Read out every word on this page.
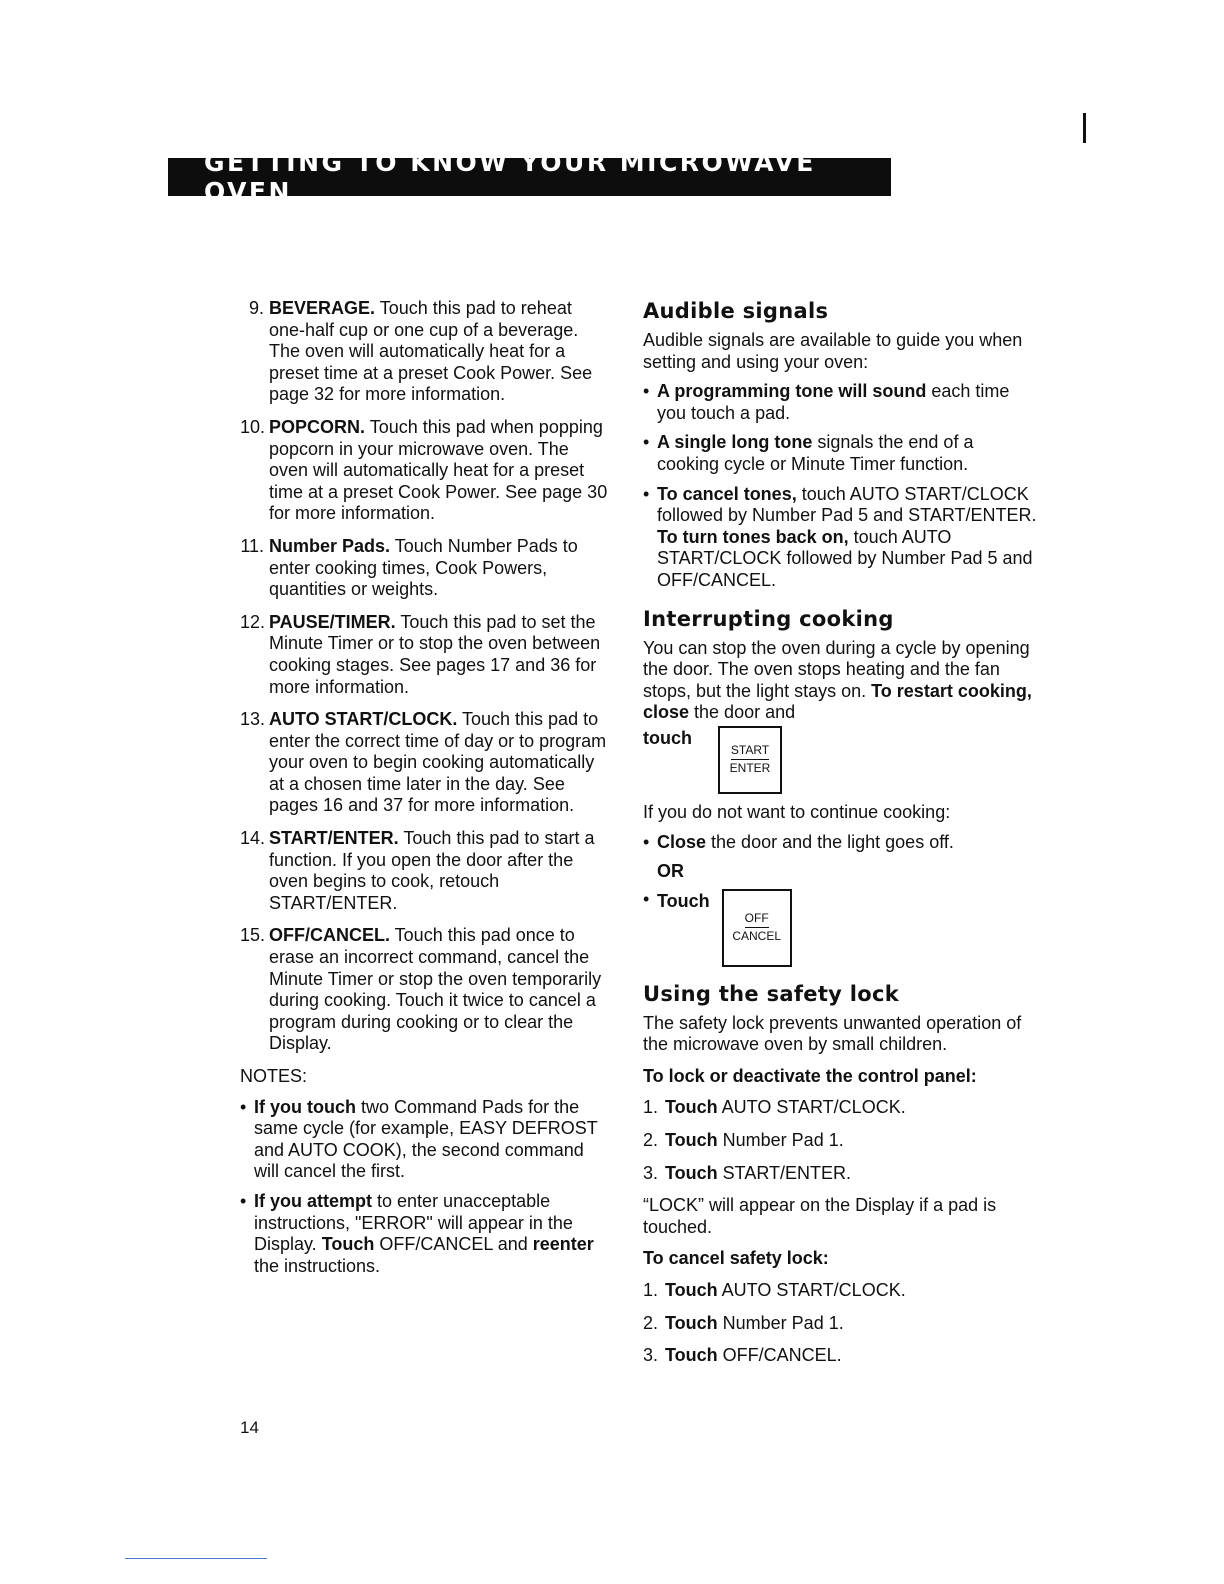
GETTING TO KNOW YOUR MICROWAVE OVEN
9. BEVERAGE. Touch this pad to reheat one-half cup or one cup of a beverage. The oven will automatically heat for a preset time at a preset Cook Power. See page 32 for more information.
10. POPCORN. Touch this pad when popping popcorn in your microwave oven. The oven will automatically heat for a preset time at a preset Cook Power. See page 30 for more information.
11. Number Pads. Touch Number Pads to enter cooking times, Cook Powers, quantities or weights.
12. PAUSE/TIMER. Touch this pad to set the Minute Timer or to stop the oven between cooking stages. See pages 17 and 36 for more information.
13. AUTO START/CLOCK. Touch this pad to enter the correct time of day or to program your oven to begin cooking automatically at a chosen time later in the day. See pages 16 and 37 for more information.
14. START/ENTER. Touch this pad to start a function. If you open the door after the oven begins to cook, retouch START/ENTER.
15. OFF/CANCEL. Touch this pad once to erase an incorrect command, cancel the Minute Timer or stop the oven temporarily during cooking. Touch it twice to cancel a program during cooking or to clear the Display.
NOTES:
• If you touch two Command Pads for the same cycle (for example, EASY DEFROST and AUTO COOK), the second command will cancel the first.
• If you attempt to enter unacceptable instructions, "ERROR" will appear in the Display. Touch OFF/CANCEL and reenter the instructions.
Audible signals

Audible signals are available to guide you when setting and using your oven:

• A programming tone will sound each time you touch a pad.
• A single long tone signals the end of a cooking cycle or Minute Timer function.
• To cancel tones, touch AUTO START/CLOCK followed by Number Pad 5 and START/ENTER. To turn tones back on, touch AUTO START/CLOCK followed by Number Pad 5 and OFF/CANCEL.
Interrupting cooking

You can stop the oven during a cycle by opening the door. The oven stops heating and the fan stops, but the light stays on. To restart cooking, close the door and

touch
START
ENTER

If you do not want to continue cooking:

• Close the door and the light goes off.
OR
• Touch
OFF
CANCEL
Using the safety lock

The safety lock prevents unwanted operation of the microwave oven by small children.

To lock or deactivate the control panel:

1. Touch AUTO START/CLOCK.
2. Touch Number Pad 1.
3. Touch START/ENTER.

“LOCK” will appear on the Display if a pad is touched.

To cancel safety lock:

1. Touch AUTO START/CLOCK.
2. Touch Number Pad 1.
3. Touch OFF/CANCEL.
14
